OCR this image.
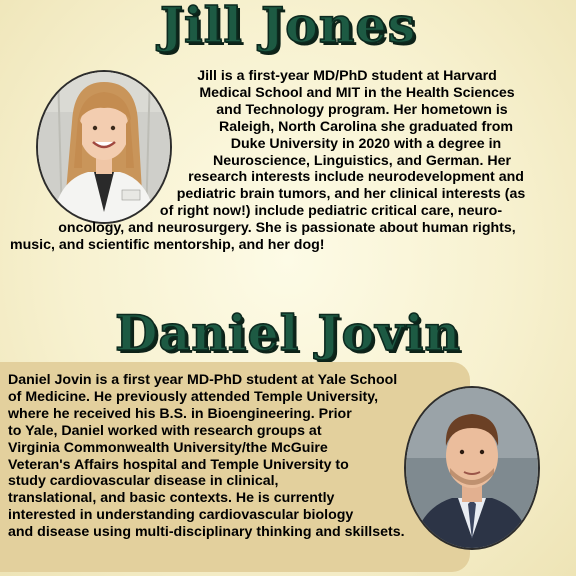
Jill Jones
Jill is a first-year MD/PhD student at Harvard
Medical School and MIT in the Health Sciences
and Technology program. Her hometown is
Raleigh, North Carolina she graduated from
Duke University in 2020 with a degree in
Neuroscience, Linguistics, and German. Her
research interests include neurodevelopment and
pediatric brain tumors, and her clinical interests (as
of right now!) include pediatric critical care, neuro-
oncology, and neurosurgery. She is passionate about human rights,
music, and scientific mentorship, and her dog!
Daniel Jovin
Daniel Jovin is a first year MD-PhD student at Yale School
of Medicine. He previously attended Temple University,
where he received his B.S. in Bioengineering. Prior
to Yale, Daniel worked with research groups at
Virginia Commonwealth University/the McGuire
Veteran's Affairs hospital and Temple University to
study cardiovascular disease in clinical,
translational, and basic contexts. He is currently
interested in understanding cardiovascular biology
and disease using multi-disciplinary thinking and skillsets.
